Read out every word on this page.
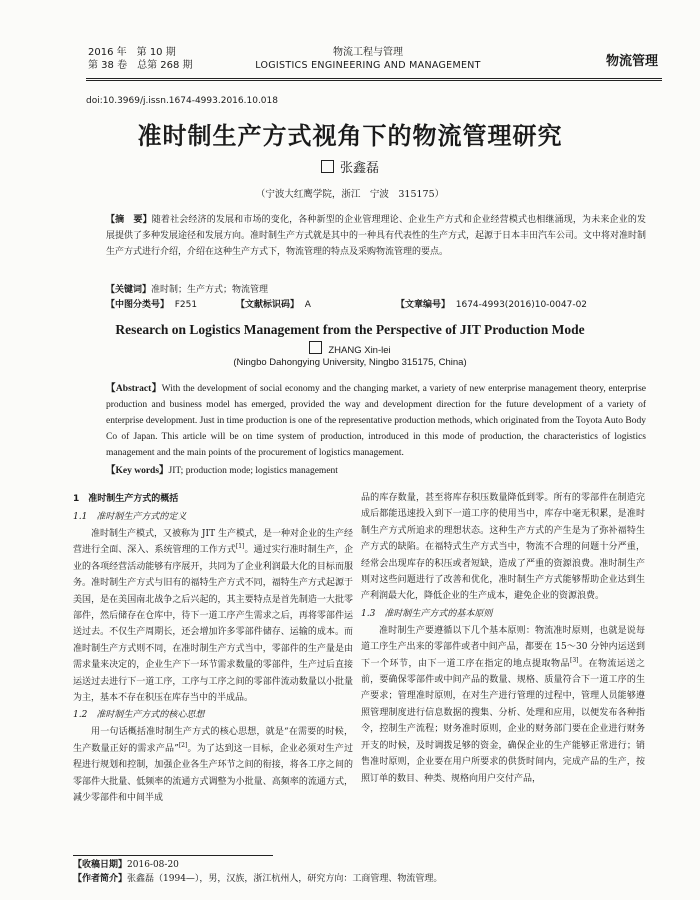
2016 年 第 10 期
第 38 卷 总第 268 期
物流工程与管理
LOGISTICS ENGINEERING AND MANAGEMENT	物流管理
doi:10.3969/j.issn.1674-4993.2016.10.018
准时制生产方式视角下的物流管理研究
张鑫磊
（宁波大红鹰学院，浙江　宁波　315175）
【摘　要】随着社会经济的发展和市场的变化，各种新型的企业管理理论、企业生产方式和企业经营模式也相继涌现，为未来企业的发展提供了多种发展途径和发展方向。准时制生产方式就是其中的一种具有代表性的生产方式，起源于日本丰田汽车公司。文中将对准时制生产方式进行介绍，介绍在这种生产方式下，物流管理的特点及采购物流管理的要点。
【关键词】准时制；生产方式；物流管理
【中图分类号】 F251	【文献标识码】 A	【文章编号】 1674-4993(2016)10-0047-02
Research on Logistics Management from the Perspective of JIT Production Mode
ZHANG Xin-lei
(Ningbo Dahongying University, Ningbo 315175, China)
【Abstract】With the development of social economy and the changing market, a variety of new enterprise management theory, enterprise production and business model has emerged, provided the way and development direction for the future development of a variety of enterprise development. Just in time production is one of the representative production methods, which originated from the Toyota Auto Body Co of Japan. This article will be on time system of production, introduced in this mode of production, the characteristics of logistics management and the main points of the procurement of logistics management.
【Key words】JIT; production mode; logistics management
1　准时制生产方式的概括
1.1　准时制生产方式的定义

准时制生产模式，又被称为 JIT 生产模式，是一种对企业的生产经营进行全面、深入、系统管理的工作方式[1]。通过实行准时制生产，企业的各项经营活动能够有序展开，共同为了企业利润最大化的目标而服务。准时制生产方式与旧有的福特生产方式不同，福特生产方式起源于美国，是在美国南北战争之后兴起的，其主要特点是首先制造一大批零部件，然后储存在仓库中，待下一道工序产生需求之后，再将零部件运送过去。不仅生产周期长，还会增加许多零部件储存、运输的成本。而准时制生产方式则不同，在准时制生产方式当中，零部件的生产量是由需求量来决定的，企业生产下一环节需求数量的零部件，生产过后直接运送过去进行下一道工序，工序与工序之间的零部件流动数量以小批量为主，基本不存在积压在库存当中的半成品。

1.2　准时制生产方式的核心思想

用一句话概括准时制生产方式的核心思想，就是“在需要的时候，生产数量正好的需求产品”[2]。为了达到这一目标，企业必须对生产过程进行规划和控制，加强企业各生产环节之间的衔接，将各工序之间的零部件大批量、低频率的流通方式调整为小批量、高频率的流通方式，减少零部件和中间半成

品的库存数量，甚至将库存积压数量降低到零。所有的零部件在制造完成后都能迅速投入到下一道工序的使用当中，库存中毫无积累，是准时制生产方式所追求的理想状态。这种生产方式的产生是为了弥补福特生产方式的缺陷。在福特式生产方式当中，物流不合理的问题十分严重，经常会出现库存的积压或者短缺，造成了严重的资源浪费。准时制生产则对这些问题进行了改善和优化，准时制生产方式能够帮助企业达到生产利润最大化，降低企业的生产成本，避免企业的资源浪费。

1.3　准时制生产方式的基本原则

准时制生产要遵循以下几个基本原则：物流准时原则，也就是说每道工序生产出来的零部件或者中间产品，都要在 15～30 分钟内运送到下一个环节，由下一道工序在指定的地点提取物品[3]。在物流运送之前，要确保零部件或中间产品的数量、规格、质量符合下一道工序的生产要求；管理准时原则，在对生产进行管理的过程中，管理人员能够遵照管理制度进行信息数据的搜集、分析、处理和应用，以便发布各种指令，控制生产流程；财务准时原则，企业的财务部门要在企业进行财务开支的时候，及时调拨足够的资金，确保企业的生产能够正常进行；销售准时原则，企业要在用户所要求的供货时间内，完成产品的生产，按照订单的数目、种类、规格向用户交付产品，

【收稿日期】2016-08-20
【作者简介】张鑫磊（1994—），男，汉族，浙江杭州人，研究方向：工商管理、物流管理。
